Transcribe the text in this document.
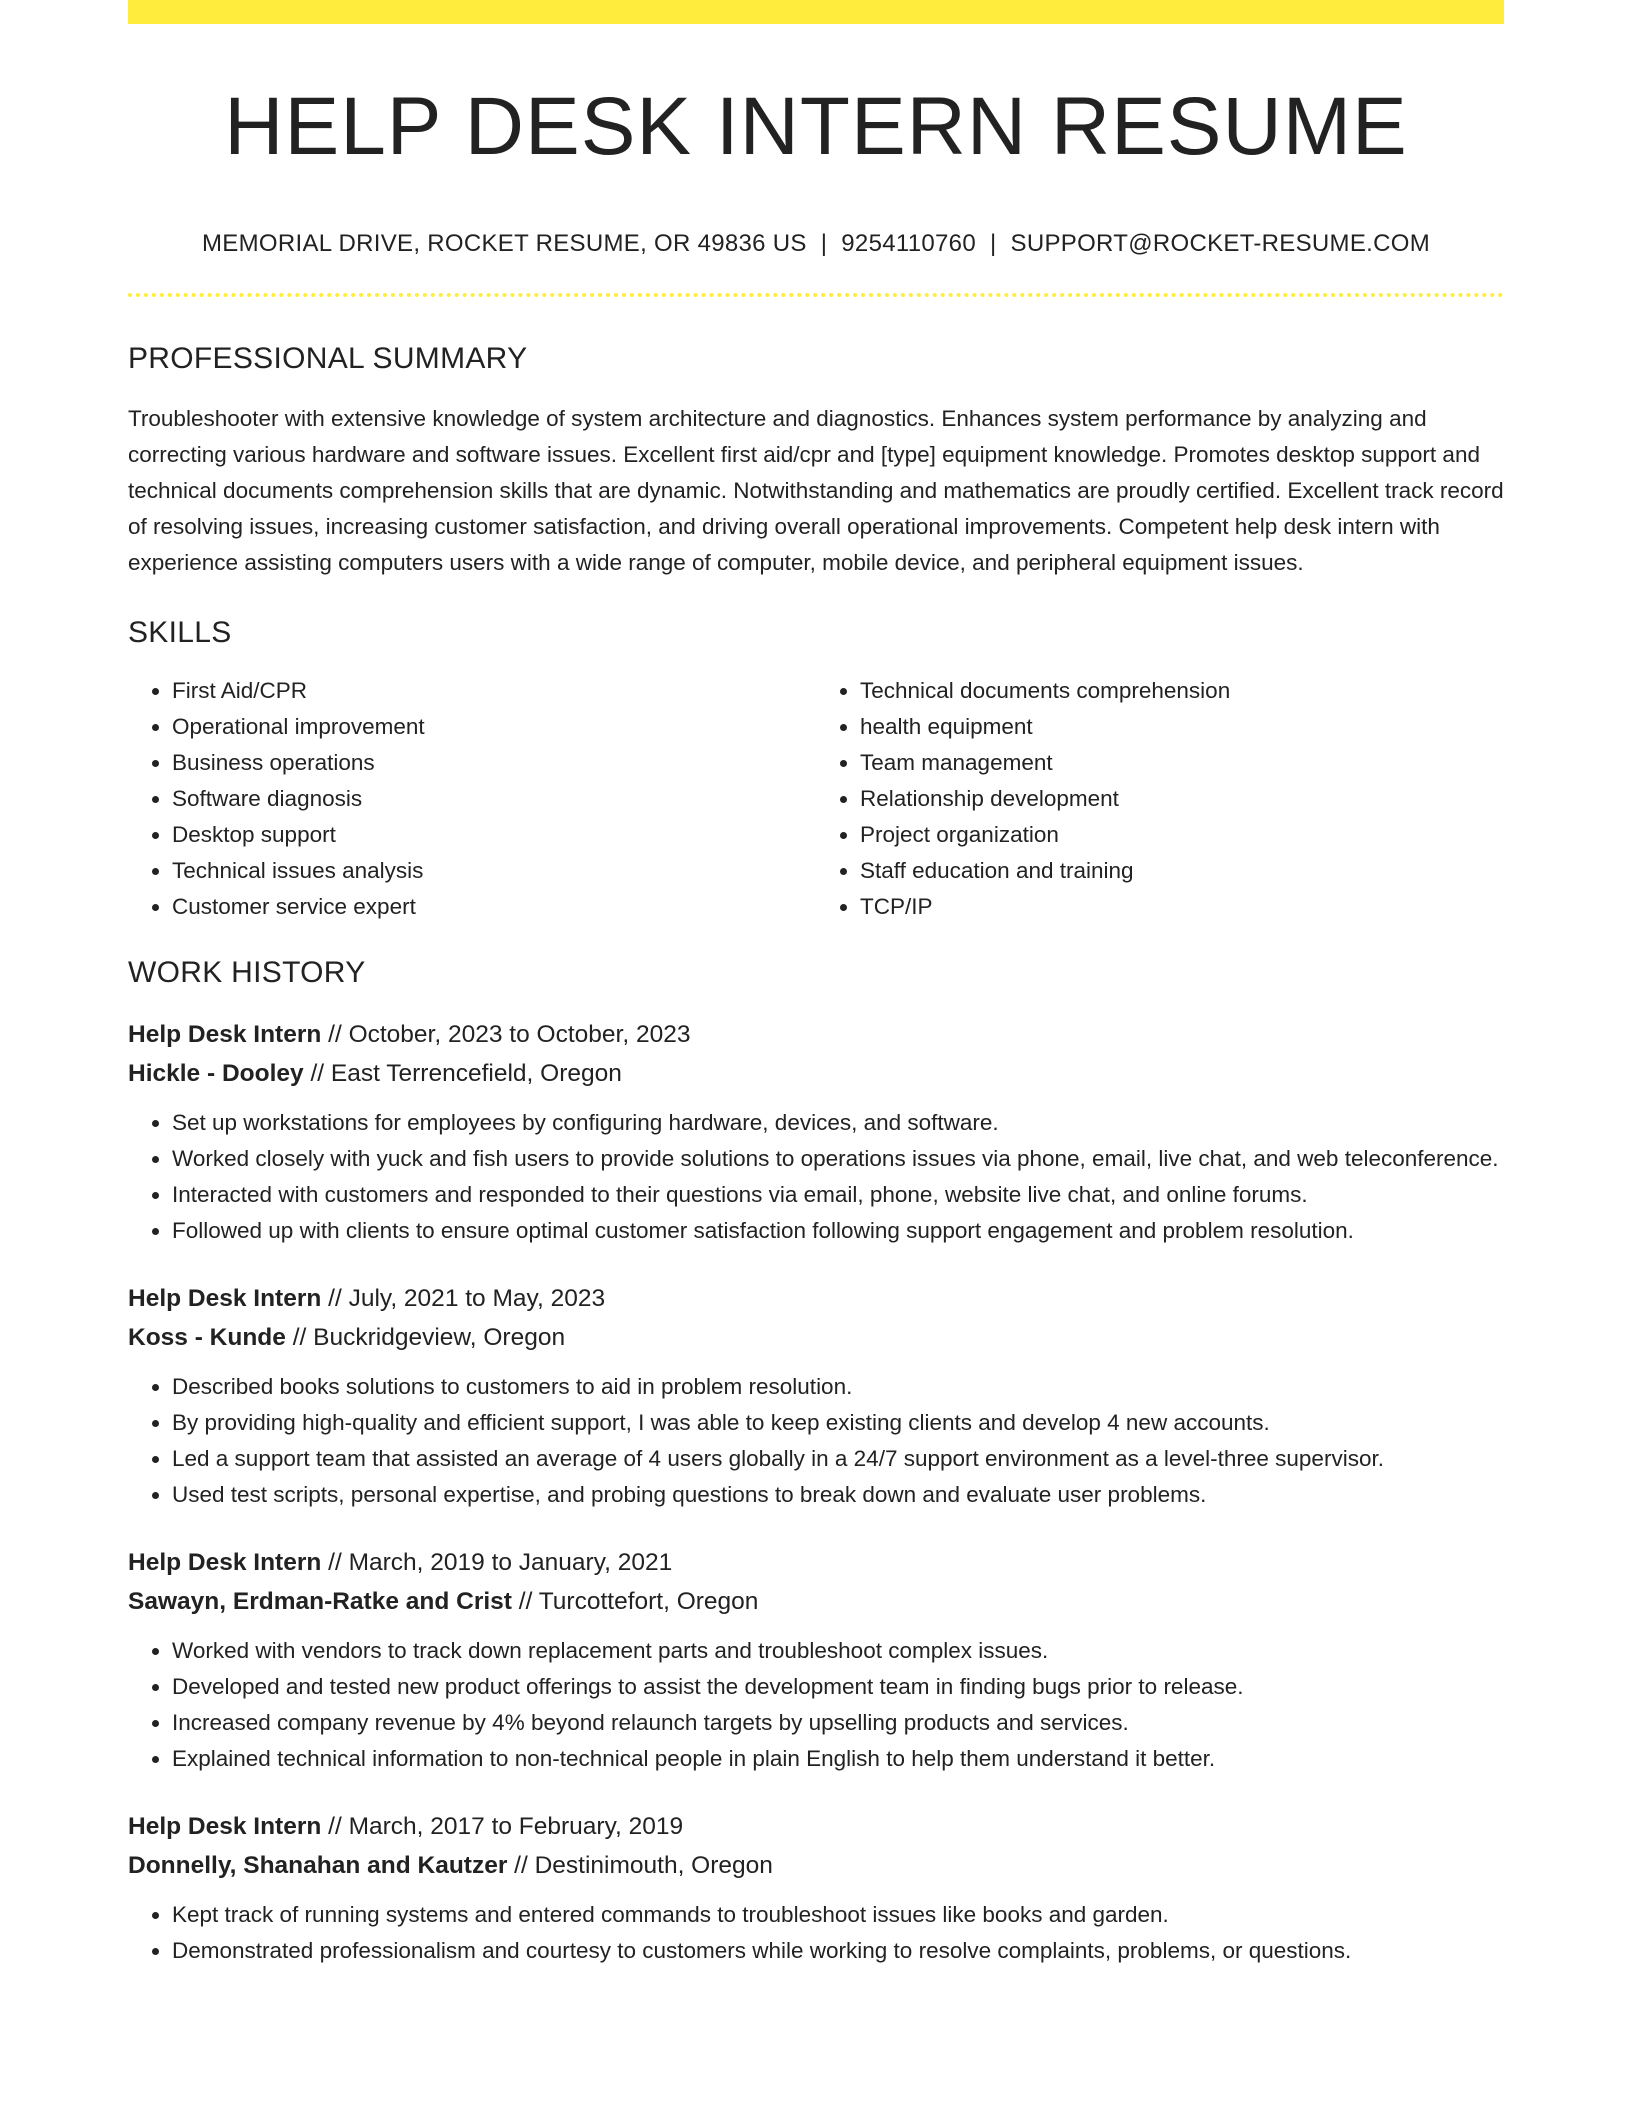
HELP DESK INTERN RESUME
MEMORIAL DRIVE, ROCKET RESUME, OR 49836 US | 9254110760 | SUPPORT@ROCKET-RESUME.COM
PROFESSIONAL SUMMARY

Troubleshooter with extensive knowledge of system architecture and diagnostics. Enhances system performance by analyzing and correcting various hardware and software issues. Excellent first aid/cpr and [type] equipment knowledge. Promotes desktop support and technical documents comprehension skills that are dynamic. Notwithstanding and mathematics are proudly certified. Excellent track record of resolving issues, increasing customer satisfaction, and driving overall operational improvements. Competent help desk intern with experience assisting computers users with a wide range of computer, mobile device, and peripheral equipment issues.

SKILLS
• First Aid/CPR
• Operational improvement
• Business operations
• Software diagnosis
• Desktop support
• Technical issues analysis
• Customer service expert
• Technical documents comprehension
• health equipment
• Team management
• Relationship development
• Project organization
• Staff education and training
• TCP/IP
WORK HISTORY
Help Desk Intern // October, 2023 to October, 2023
Hickle - Dooley // East Terrencefield, Oregon
• Set up workstations for employees by configuring hardware, devices, and software.
• Worked closely with yuck and fish users to provide solutions to operations issues via phone, email, live chat, and web teleconference.
• Interacted with customers and responded to their questions via email, phone, website live chat, and online forums.
• Followed up with clients to ensure optimal customer satisfaction following support engagement and problem resolution.
Help Desk Intern // July, 2021 to May, 2023
Koss - Kunde // Buckridgeview, Oregon
• Described books solutions to customers to aid in problem resolution.
• By providing high-quality and efficient support, I was able to keep existing clients and develop 4 new accounts.
• Led a support team that assisted an average of 4 users globally in a 24/7 support environment as a level-three supervisor.
• Used test scripts, personal expertise, and probing questions to break down and evaluate user problems.
Help Desk Intern // March, 2019 to January, 2021
Sawayn, Erdman-Ratke and Crist // Turcottefort, Oregon
• Worked with vendors to track down replacement parts and troubleshoot complex issues.
• Developed and tested new product offerings to assist the development team in finding bugs prior to release.
• Increased company revenue by 4% beyond relaunch targets by upselling products and services.
• Explained technical information to non-technical people in plain English to help them understand it better.
Help Desk Intern // March, 2017 to February, 2019
Donnelly, Shanahan and Kautzer // Destinimouth, Oregon
• Kept track of running systems and entered commands to troubleshoot issues like books and garden.
• Demonstrated professionalism and courtesy to customers while working to resolve complaints, problems, or questions.
